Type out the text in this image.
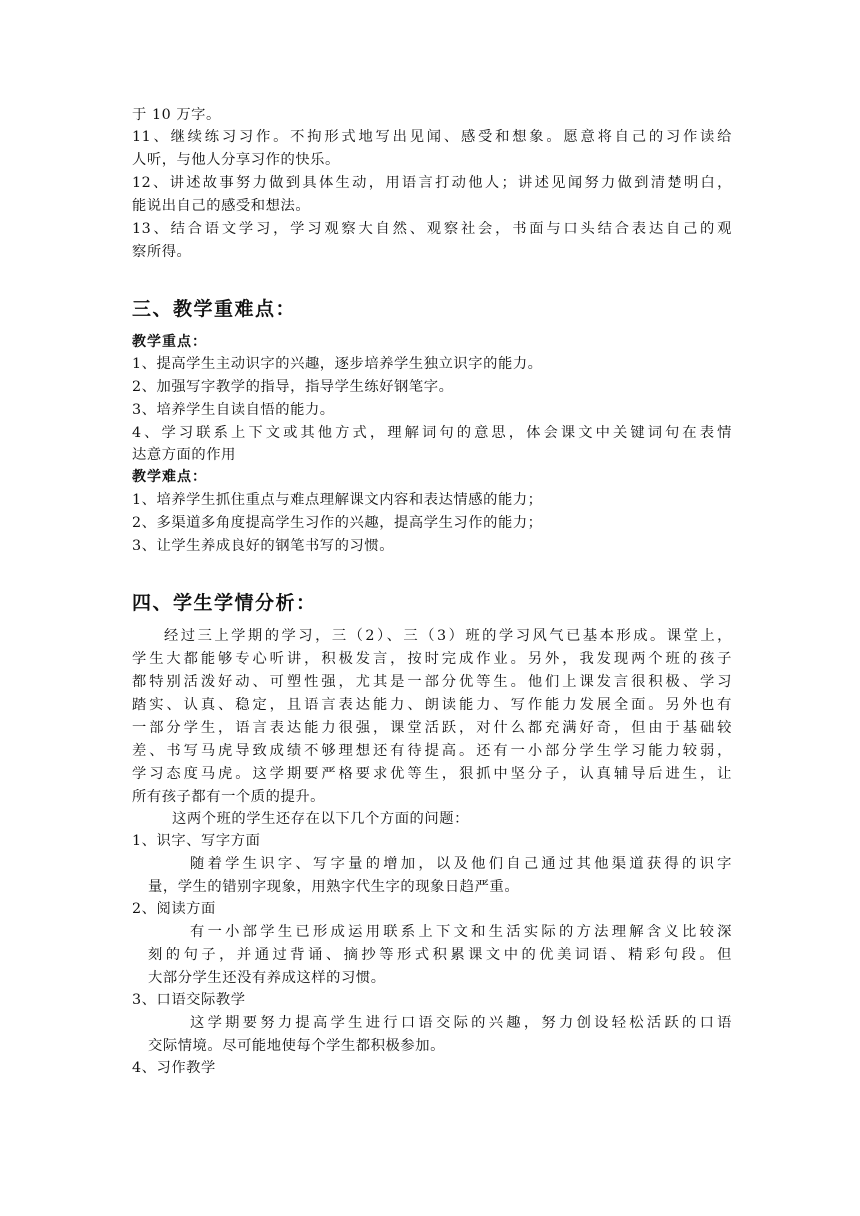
于 10 万字。
11、继续练习习作。不拘形式地写出见闻、感受和想象。愿意将自己的习作读给
人听，与他人分享习作的快乐。
12、讲述故事努力做到具体生动，用语言打动他人；讲述见闻努力做到清楚明白，
能说出自己的感受和想法。
13、结合语文学习，学习观察大自然、观察社会，书面与口头结合表达自己的观
察所得。
三、教学重难点：
教学重点：
1、提高学生主动识字的兴趣，逐步培养学生独立识字的能力。
2、加强写字教学的指导，指导学生练好钢笔字。
3、培养学生自读自悟的能力。
4、学习联系上下文或其他方式，理解词句的意思，体会课文中关键词句在表情
达意方面的作用
教学难点：
1、培养学生抓住重点与难点理解课文内容和表达情感的能力；
2、多渠道多角度提高学生习作的兴趣，提高学生习作的能力；
3、让学生养成良好的钢笔书写的习惯。
四、学生学情分析：
经过三上学期的学习，三（2）、三（3）班的学习风气已基本形成。课堂上，
学生大都能够专心听讲，积极发言，按时完成作业。另外，我发现两个班的孩子
都特别活泼好动、可塑性强，尤其是一部分优等生。他们上课发言很积极、学习
踏实、认真、稳定，且语言表达能力、朗读能力、写作能力发展全面。另外也有
一部分学生，语言表达能力很强，课堂活跃，对什么都充满好奇，但由于基础较
差、书写马虎导致成绩不够理想还有待提高。还有一小部分学生学习能力较弱，
学习态度马虎。这学期要严格要求优等生，狠抓中坚分子，认真辅导后进生，让
所有孩子都有一个质的提升。
这两个班的学生还存在以下几个方面的问题：
1、识字、写字方面
随着学生识字、写字量的增加，以及他们自己通过其他渠道获得的识字
量，学生的错别字现象，用熟字代生字的现象日趋严重。
2、阅读方面
有一小部学生已形成运用联系上下文和生活实际的方法理解含义比较深
刻的句子，并通过背诵、摘抄等形式积累课文中的优美词语、精彩句段。但
大部分学生还没有养成这样的习惯。
3、口语交际教学
这学期要努力提高学生进行口语交际的兴趣，努力创设轻松活跃的口语
交际情境。尽可能地使每个学生都积极参加。
4、习作教学
